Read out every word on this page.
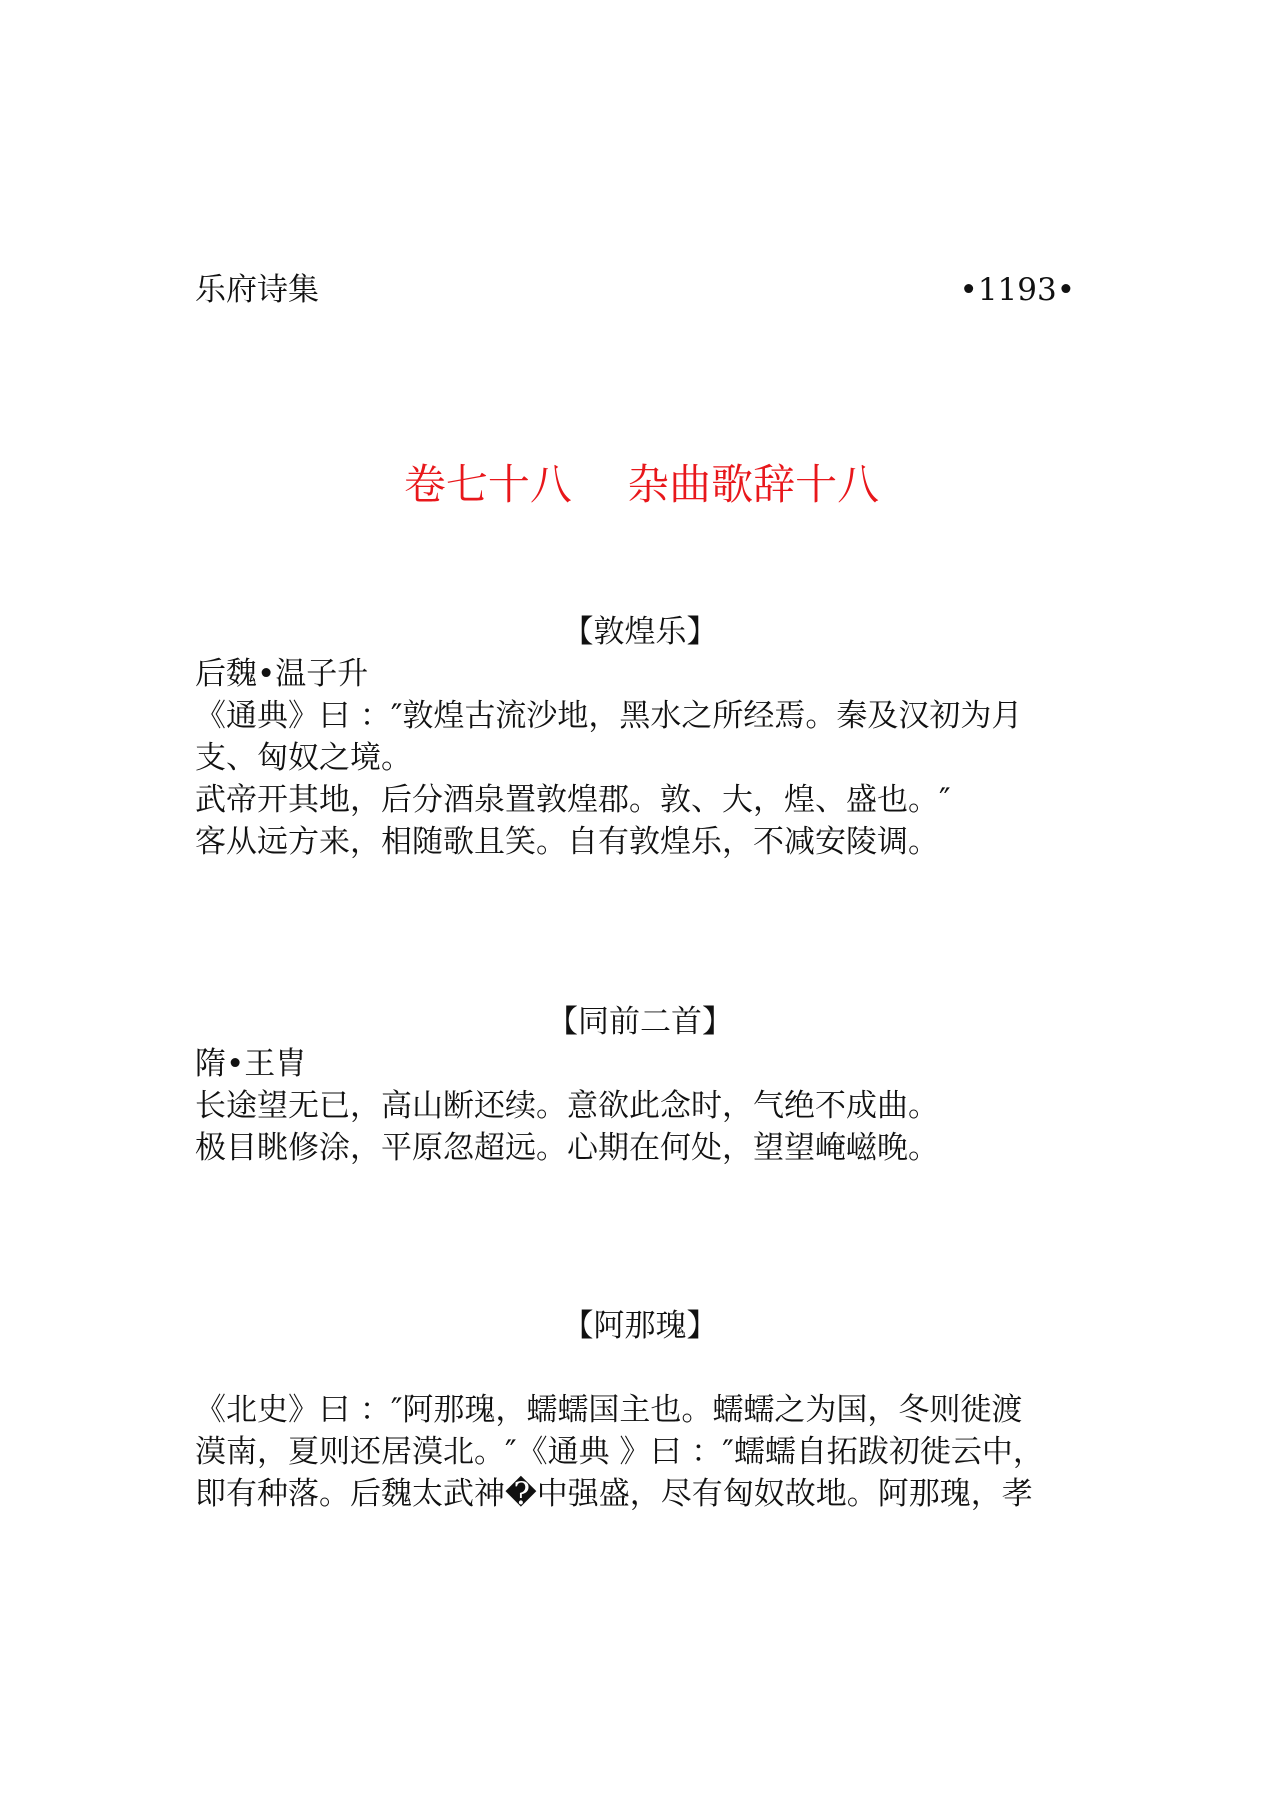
乐府诗集	•1193•
卷七十八　 杂曲歌辞十八
【敦煌乐】
后魏•温子升
《通典》曰 ：″敦煌古流沙地，黑水之所经焉。秦及汉初为月
支、匈奴之境。
武帝开其地，后分酒泉置敦煌郡。敦、大，煌、盛也。″
客从远方来，相随歌且笑。自有敦煌乐，不减安陵调。
【同前二首】
隋•王胄
长途望无已，高山断还续。意欲此念时，气绝不成曲。
极目眺修涂，平原忽超远。心期在何处，望望崦嵫晚。
【阿那瑰】
《北史》曰 ：″阿那瑰，蠕蠕国主也。蠕蠕之为国，冬则徙渡
漠南，夏则还居漠北。″《通典 》曰 ：″蠕蠕自拓跋初徙云中，
即有种落。后魏太武神�中强盛，尽有匈奴故地。阿那瑰，孝
